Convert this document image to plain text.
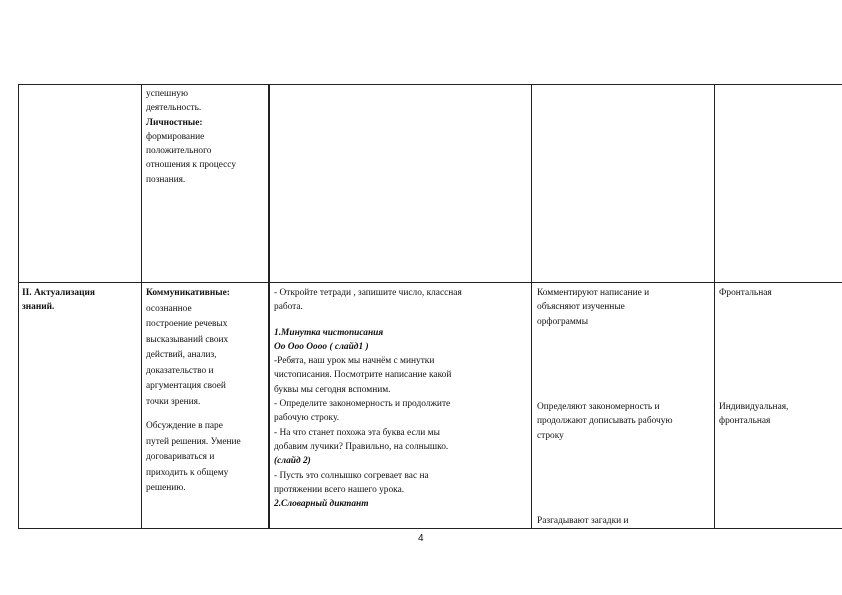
успешную
деятельность.
Личностные:
формирование
положительного
отношения к процессу
познания.
II. Актуализация
знаний.
Коммуникативные:
осознанное
построение речевых
высказываний своих
действий, анализ,
доказательство и
аргументация своей
точки зрения.
Обсуждение в паре
путей решения. Умение
договариваться и
приходить к общему
решению.
- Откройте тетради , запишите число, классная
работа.
1.Минутка чистописания
Оо Ооо Оооо ( слайд1 )
-Ребята, наш урок мы начнём с минутки
чистописания. Посмотрите написание какой
буквы мы сегодня вспомним.
- Определите закономерность и продолжите
рабочую строку.
- На что станет похожа эта буква если мы
добавим лучики? Правильно, на солнышко.
(слайд 2)
- Пусть это солнышко согревает вас на
протяжении всего нашего урока.
2.Словарный диктант
Комментируют написание и
объясняют изученные
орфограммы
Определяют закономерность и
продолжают дописывать рабочую
строку
Разгадывают загадки и
Фронтальная
Индивидуальная,
фронтальная
4
